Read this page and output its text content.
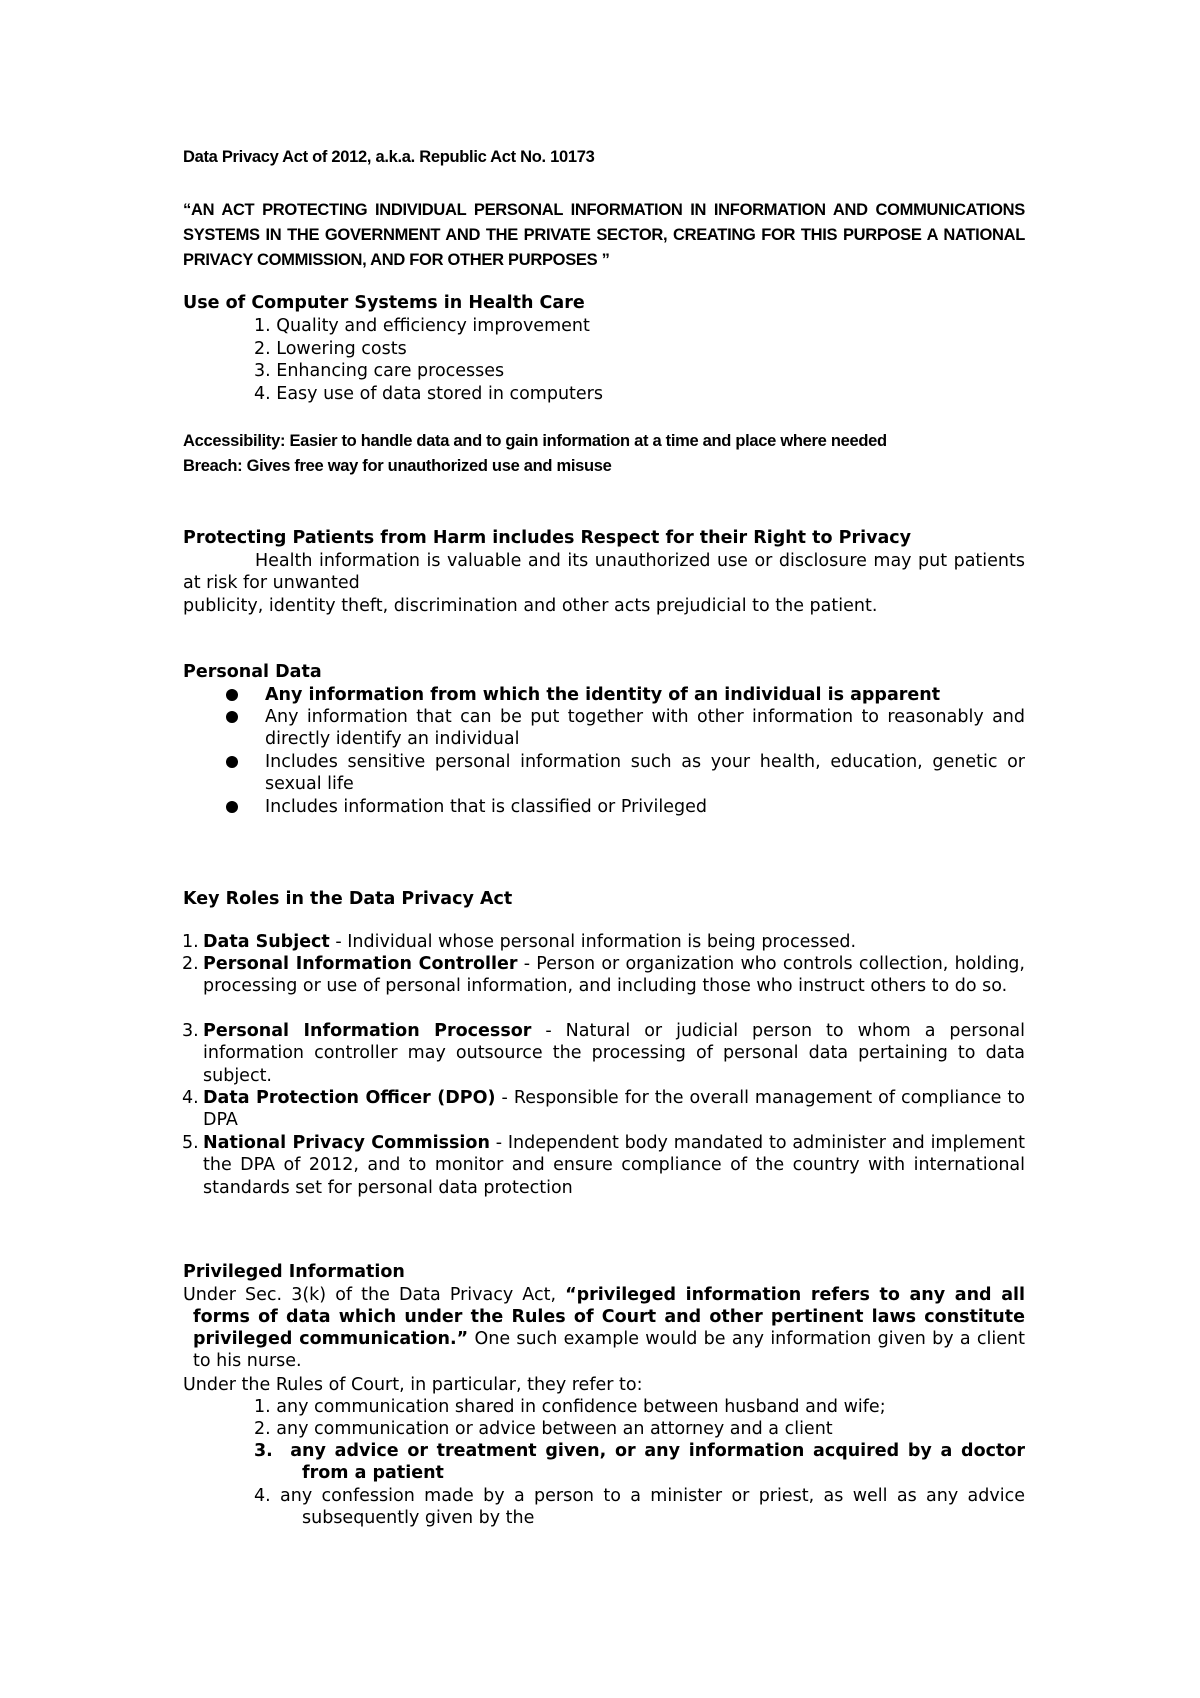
Data Privacy Act of 2012, a.k.a. Republic Act No. 10173
“AN ACT PROTECTING INDIVIDUAL PERSONAL INFORMATION IN INFORMATION AND COMMUNICATIONS SYSTEMS IN THE GOVERNMENT AND THE PRIVATE SECTOR, CREATING FOR THIS PURPOSE A NATIONAL PRIVACY COMMISSION, AND FOR OTHER PURPOSES ”
Use of Computer Systems in Health Care
1. Quality and efficiency improvement
2. Lowering costs
3. Enhancing care processes
4. Easy use of data stored in computers
Accessibility: Easier to handle data and to gain information at a time and place where needed
Breach: Gives free way for unauthorized use and misuse
Protecting Patients from Harm includes Respect for their Right to Privacy
Health information is valuable and its unauthorized use or disclosure may put patients at risk for unwanted
publicity, identity theft, discrimination and other acts prejudicial to the patient.
Personal Data
Any information from which the identity of an individual is apparent
Any information that can be put together with other information to reasonably and directly identify an individual
Includes sensitive personal information such as your health, education, genetic or sexual life
Includes information that is classified or Privileged
Key Roles in the Data Privacy Act
1. Data Subject - Individual whose personal information is being processed.
2. Personal Information Controller - Person or organization who controls collection, holding, processing or use of personal information, and including those who instruct others to do so.
3. Personal Information Processor - Natural or judicial person to whom a personal information controller may outsource the processing of personal data pertaining to data subject.
4. Data Protection Officer (DPO) - Responsible for the overall management of compliance to DPA
5. National Privacy Commission - Independent body mandated to administer and implement the DPA of 2012, and to monitor and ensure compliance of the country with international standards set for personal data protection
Privileged Information
Under Sec. 3(k) of the Data Privacy Act, “privileged information refers to any and all forms of data which under the Rules of Court and other pertinent laws constitute privileged communication.” One such example would be any information given by a client to his nurse.
Under the Rules of Court, in particular, they refer to:
1. any communication shared in confidence between husband and wife;
2. any communication or advice between an attorney and a client
3. any advice or treatment given, or any information acquired by a doctor from a patient
4. any confession made by a person to a minister or priest, as well as any advice subsequently given by the
